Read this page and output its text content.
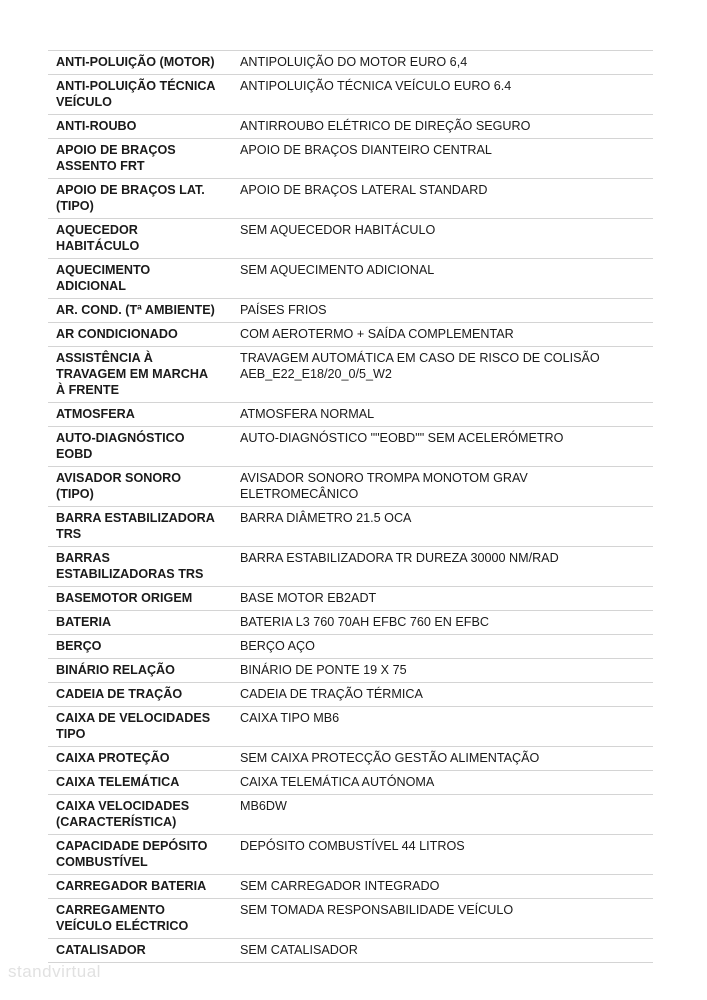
ANTI-POLUIÇÃO (MOTOR)	ANTIPOLUIÇÃO DO MOTOR EURO 6,4
ANTI-POLUIÇÃO TÉCNICA VEÍCULO	ANTIPOLUIÇÃO TÉCNICA VEÍCULO EURO 6.4
ANTI-ROUBO	ANTIRROUBO ELÉTRICO DE DIREÇÃO SEGURO
APOIO DE BRAÇOS ASSENTO FRT	APOIO DE BRAÇOS DIANTEIRO CENTRAL
APOIO DE BRAÇOS LAT. (TIPO)	APOIO DE BRAÇOS LATERAL STANDARD
AQUECEDOR HABITÁCULO	SEM AQUECEDOR HABITÁCULO
AQUECIMENTO ADICIONAL	SEM AQUECIMENTO ADICIONAL
AR. COND. (Tª AMBIENTE)	PAÍSES FRIOS
AR CONDICIONADO	COM AEROTERMO + SAÍDA COMPLEMENTAR
ASSISTÊNCIA À TRAVAGEM EM MARCHA À FRENTE	TRAVAGEM AUTOMÁTICA EM CASO DE RISCO DE COLISÃO AEB_E22_E18/20_0/5_W2
ATMOSFERA	ATMOSFERA NORMAL
AUTO-DIAGNÓSTICO EOBD	AUTO-DIAGNÓSTICO ""EOBD"" SEM ACELERÓMETRO
AVISADOR SONORO (TIPO)	AVISADOR SONORO TROMPA MONOTOM GRAV ELETROMECÂNICO
BARRA ESTABILIZADORA TRS	BARRA DIÂMETRO 21.5 OCA
BARRAS ESTABILIZADORAS TRS	BARRA ESTABILIZADORA TR DUREZA 30000 NM/RAD
BASEMOTOR ORIGEM	BASE MOTOR EB2ADT
BATERIA	BATERIA L3 760 70AH EFBC 760 EN EFBC
BERÇO	BERÇO AÇO
BINÁRIO RELAÇÃO	BINÁRIO DE PONTE 19 X 75
CADEIA DE TRAÇÃO	CADEIA DE TRAÇÃO TÉRMICA
CAIXA DE VELOCIDADES TIPO	CAIXA TIPO MB6
CAIXA PROTEÇÃO	SEM CAIXA PROTECÇÃO GESTÃO ALIMENTAÇÃO
CAIXA TELEMÁTICA	CAIXA TELEMÁTICA AUTÓNOMA
CAIXA VELOCIDADES (CARACTERÍSTICA)	MB6DW
CAPACIDADE DEPÓSITO COMBUSTÍVEL	DEPÓSITO COMBUSTÍVEL 44 LITROS
CARREGADOR BATERIA	SEM CARREGADOR INTEGRADO
CARREGAMENTO VEÍCULO ELÉCTRICO	SEM TOMADA RESPONSABILIDADE VEÍCULO
CATALISADOR	SEM CATALISADOR
standvirtual
